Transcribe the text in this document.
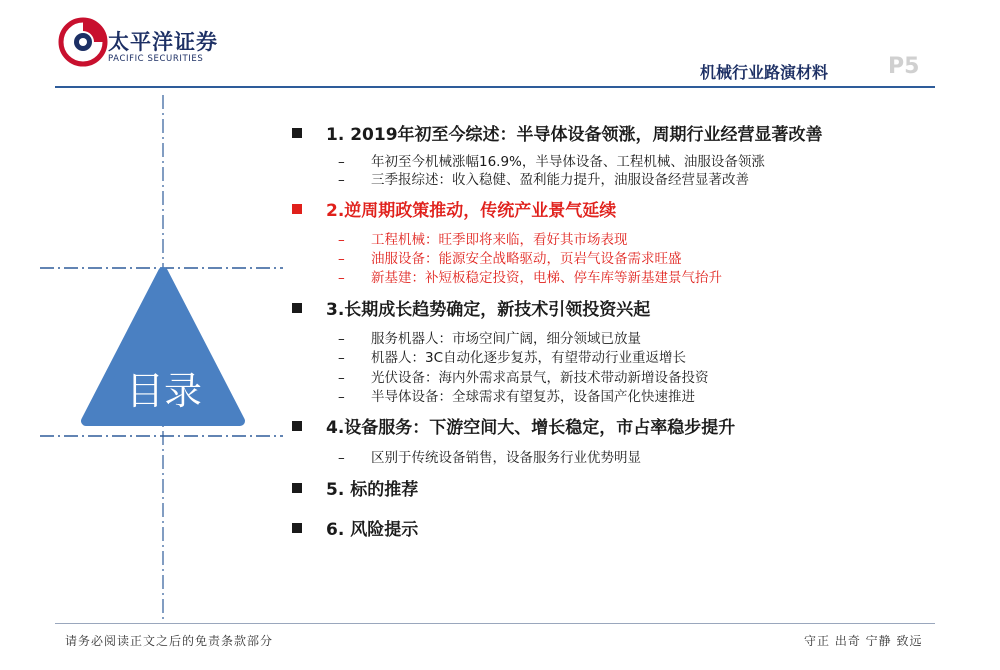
目录
太平洋证券
PACIFIC SECURITIES
机械行业路演材料	P5
1. 2019年初至今综述：半导体设备领涨，周期行业经营显著改善
– 年初至今机械涨幅16.9%，半导体设备、工程机械、油服设备领涨
– 三季报综述：收入稳健、盈利能力提升，油服设备经营显著改善
2.逆周期政策推动，传统产业景气延续
– 工程机械：旺季即将来临，看好其市场表现
– 油服设备：能源安全战略驱动，页岩气设备需求旺盛
– 新基建：补短板稳定投资，电梯、停车库等新基建景气抬升
3.长期成长趋势确定，新技术引领投资兴起
– 服务机器人：市场空间广阔，细分领域已放量
– 机器人：3C自动化逐步复苏，有望带动行业重返增长
– 光伏设备：海内外需求高景气，新技术带动新增设备投资
– 半导体设备：全球需求有望复苏，设备国产化快速推进
4.设备服务：下游空间大、增长稳定，市占率稳步提升
– 区别于传统设备销售，设备服务行业优势明显
5. 标的推荐
6. 风险提示
请务必阅读正文之后的免责条款部分	守正 出奇 宁静 致远
